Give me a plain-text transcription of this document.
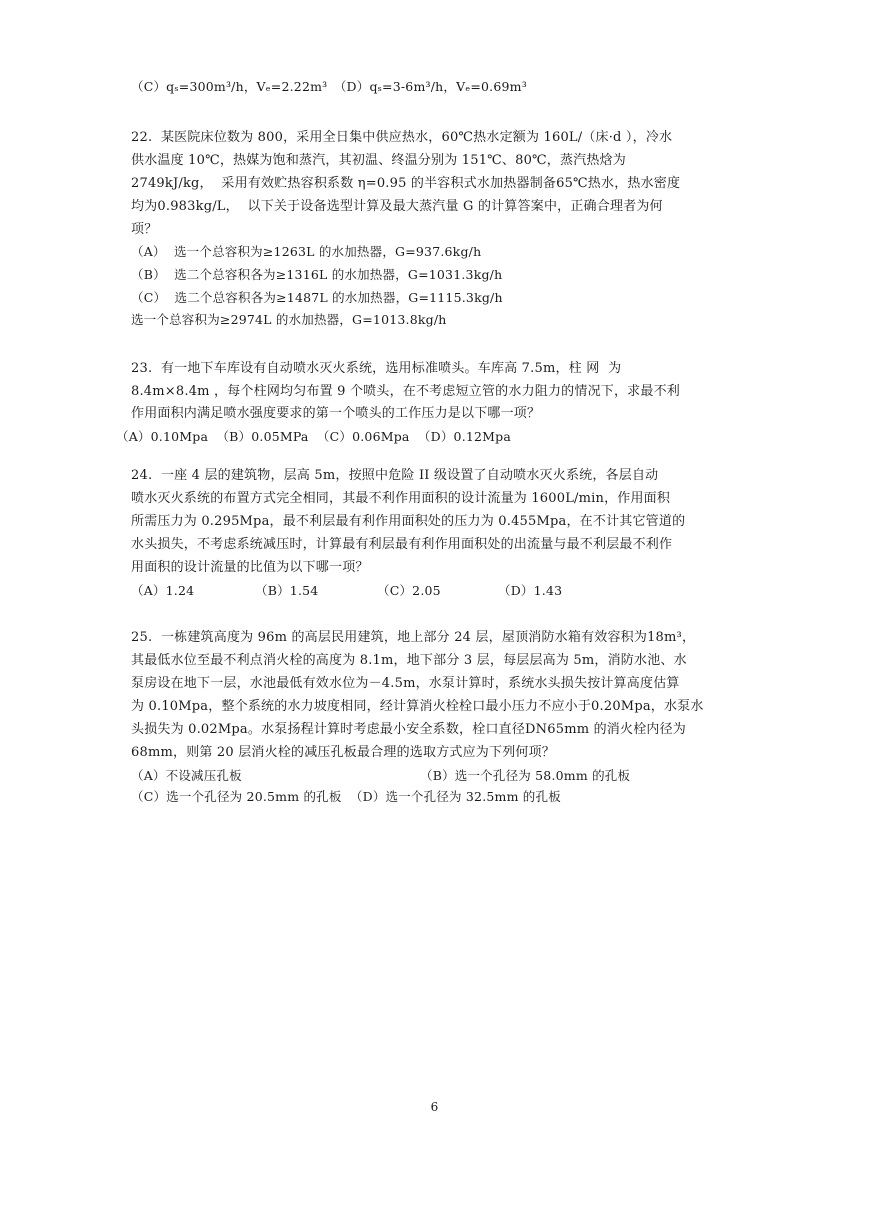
（C）qₛ=300m³/h，Vₑ=2.22m³　（D）qₛ=3-6m³/h，Vₑ=0.69m³
22.  某医院床位数为 800，采用全日集中供应热水，60℃热水定额为 160L/（床·d ），冷水
供水温度 10℃，热媒为饱和蒸汽，其初温、终温分别为 151℃、80℃，蒸汽热焓为
2749kJ/kg，  采用有效贮热容积系数 η=0.95 的半容积式水加热器制备65℃热水，热水密度
均为0.983kg/L，  以下关于设备选型计算及最大蒸汽量 G 的计算答案中，正确合理者为何
项？
（A）  选一个总容积为≥1263L 的水加热器，G=937.6kg/h
（B）  选二个总容积各为≥1316L 的水加热器，G=1031.3kg/h
（C）  选二个总容积各为≥1487L 的水加热器，G=1115.3kg/h
选一个总容积为≥2974L 的水加热器，G=1013.8kg/h
23.  有一地下车库设有自动喷水灭火系统，选用标准喷头。车库高 7.5m，柱 网  为
8.4m×8.4m ，每个柱网均匀布置 9 个喷头，在不考虑短立管的水力阻力的情况下，求最不利
作用面积内满足喷水强度要求的第一个喷头的工作压力是以下哪一项？
（A）0.10Mpa  （B）0.05MPa  （C）0.06Mpa  （D）0.12Mpa
24.  一座 4 层的建筑物，层高 5m，按照中危险 II 级设置了自动喷水灭火系统，各层自动
喷水灭火系统的布置方式完全相同，其最不利作用面积的设计流量为 1600L/min，作用面积
所需压力为 0.295Mpa，最不利层最有利作用面积处的压力为 0.455Mpa，在不计其它管道的
水头损失，不考虑系统减压时，计算最有利层最有利作用面积处的出流量与最不利层最不利作
用面积的设计流量的比值为以下哪一项？
（A）1.24	（B）1.54	（C）2.05	（D）1.43
25.  一栋建筑高度为 96m 的高层民用建筑，地上部分 24 层，屋顶消防水箱有效容积为18m³，
其最低水位至最不利点消火栓的高度为 8.1m，地下部分 3 层，每层层高为 5m，消防水池、水
泵房设在地下一层，水池最低有效水位为－4.5m，水泵计算时，系统水头损失按计算高度估算
为 0.10Mpa，整个系统的水力坡度相同，经计算消火栓栓口最小压力不应小于0.20Mpa，水泵水
头损失为 0.02Mpa。水泵扬程计算时考虑最小安全系数，栓口直径DN65mm 的消火栓内径为
68mm，则第 20 层消火栓的减压孔板最合理的选取方式应为下列何项？
（A）不设减压孔板	（B）选一个孔径为 58.0mm 的孔板
（C）选一个孔径为 20.5mm 的孔板  （D）选一个孔径为 32.5mm 的孔板
6
